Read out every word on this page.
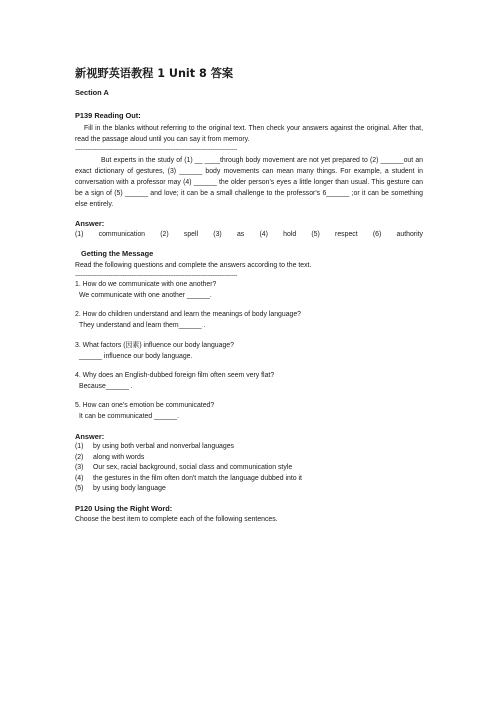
新视野英语教程 1 Unit 8 答案
Section A
P139 Reading Out:
Fill in the blanks without referring to the original text. Then check your answers against the original. After that, read the passage aloud until you can say it from memory.
--------------------------------------------------------------------------------------------
But experts in the study of (1) __ ____through body movement are not yet prepared to (2) ______out an exact dictionary of gestures, (3) ______ body movements can mean many things. For example, a student in conversation with a professor may (4) ______ the older person's eyes a little longer than usual. This gesture can be a sign of (5) ______ and love; it can be a small challenge to the professor's 6______ ;or it can be something else entirely.
Answer:
(1) communication (2) spell (3) as (4) hold (5) respect (6) authority
Getting the Message
Read the following questions and complete the answers according to the text.
--------------------------------------------------------------------------------------------
1. How do we communicate with one another?
We communicate with one another ______.
2. How do children understand and learn the meanings of body language?
They understand and learn them______ .
3. What factors (因素) influence our body language?
______ influence our body language.
4. Why does an English-dubbed foreign film often seem very flat?
Because______ .
5. How can one's emotion be communicated?
It can be communicated ______.
Answer:
(1)	by using both verbal and nonverbal languages
(2)	along with words
(3)	Our sex, racial background, social class and communication style
(4)	the gestures in the film often don't match the language dubbed into it
(5)	by using body language
P120 Using the Right Word:
Choose the best item to complete each of the following sentences.
